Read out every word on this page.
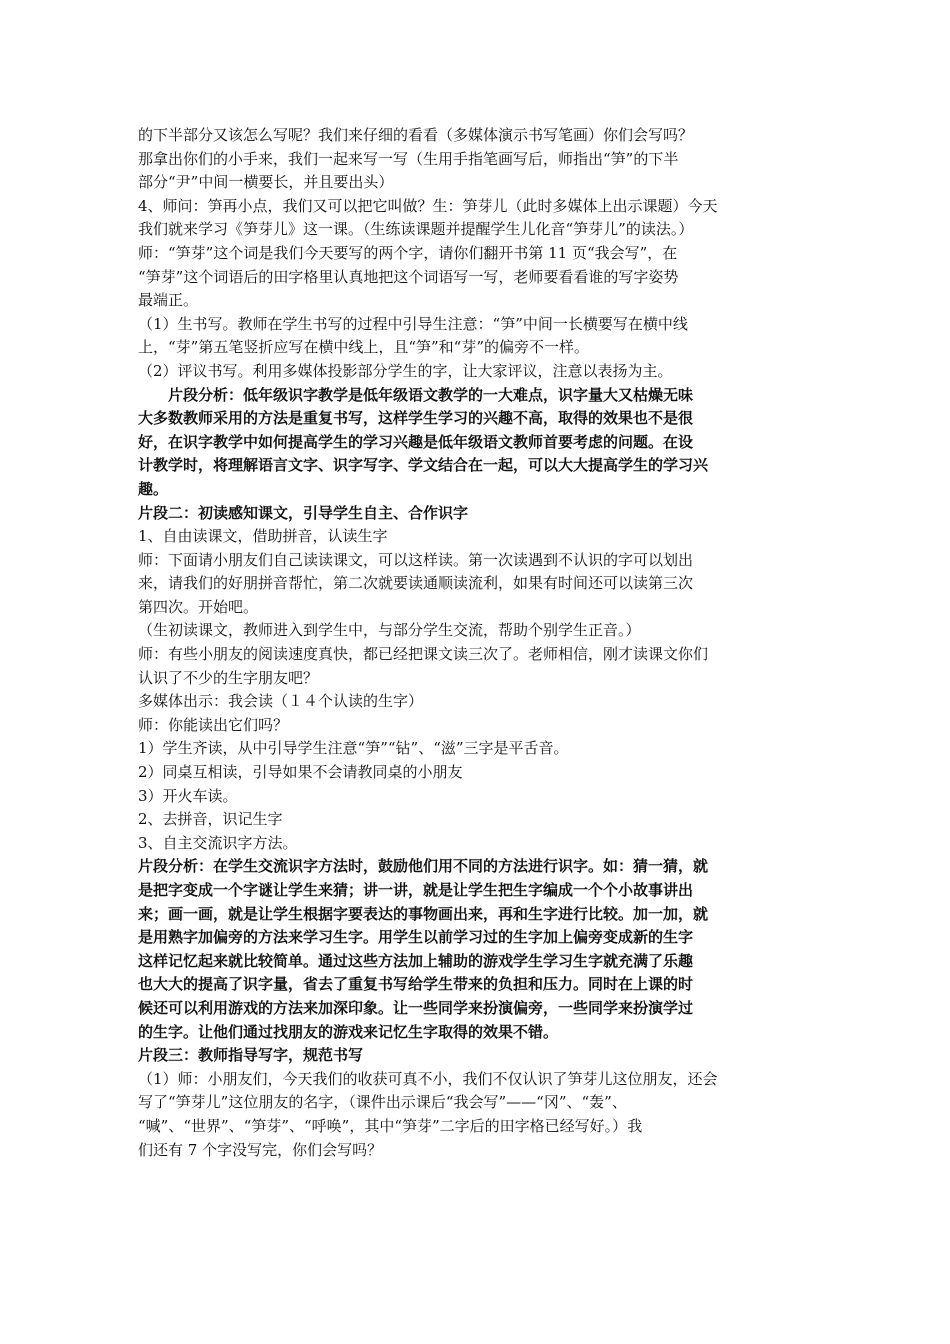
的下半部分又该怎么写呢？我们来仔细的看看（多媒体演示书写笔画）你们会写吗？
那拿出你们的小手来，我们一起来写一写（生用手指笔画写后，师指出“笋”的下半
部分“尹”中间一横要长，并且要出头）
4、师问：笋再小点，我们又可以把它叫做？生：笋芽儿（此时多媒体上出示课题）今天
我们就来学习《笋芽儿》这一课。（生练读课题并提醒学生儿化音“笋芽儿”的读法。）
师：“笋芽”这个词是我们今天要写的两个字，请你们翻开书第 11 页“我会写”，在
“笋芽”这个词语后的田字格里认真地把这个词语写一写，老师要看看谁的写字姿势
最端正。
（1）生书写。教师在学生书写的过程中引导生注意：“笋”中间一长横要写在横中线
上，“芽”第五笔竖折应写在横中线上，且“笋”和“芽”的偏旁不一样。
（2）评议书写。利用多媒体投影部分学生的字，让大家评议，注意以表扬为主。
片段分析：低年级识字教学是低年级语文教学的一大难点，识字量大又枯燥无味
大多数教师采用的方法是重复书写，这样学生学习的兴趣不高，取得的效果也不是很
好，在识字教学中如何提高学生的学习兴趣是低年级语文教师首要考虑的问题。在设
计教学时，将理解语言文字、识字写字、学文结合在一起，可以大大提高学生的学习兴
趣。
片段二：初读感知课文，引导学生自主、合作识字
1、自由读课文，借助拼音，认读生字
师：下面请小朋友们自己读读课文，可以这样读。第一次读遇到不认识的字可以划出
来，请我们的好朋拼音帮忙，第二次就要读通顺读流利，如果有时间还可以读第三次
第四次。开始吧。
（生初读课文，教师进入到学生中，与部分学生交流，帮助个别学生正音。）
师：有些小朋友的阅读速度真快，都已经把课文读三次了。老师相信，刚才读课文你们
认识了不少的生字朋友吧？
多媒体出示：我会读（１４个认读的生字）
师：你能读出它们吗？
1）学生齐读，从中引导学生注意“笋”“钻”、“滋”三字是平舌音。
2）同桌互相读，引导如果不会请教同桌的小朋友
3）开火车读。
2、去拼音，识记生字
3、自主交流识字方法。
片段分析：在学生交流识字方法时，鼓励他们用不同的方法进行识字。如：猜一猜，就
是把字变成一个字谜让学生来猜；讲一讲，就是让学生把生字编成一个个小故事讲出
来；画一画，就是让学生根据字要表达的事物画出来，再和生字进行比较。加一加，就
是用熟字加偏旁的方法来学习生字。用学生以前学习过的生字加上偏旁变成新的生字
这样记忆起来就比较简单。通过这些方法加上辅助的游戏学生学习生字就充满了乐趣
也大大的提高了识字量，省去了重复书写给学生带来的负担和压力。同时在上课的时
候还可以利用游戏的方法来加深印象。让一些同学来扮演偏旁，一些同学来扮演学过
的生字。让他们通过找朋友的游戏来记忆生字取得的效果不错。
片段三：教师指导写字，规范书写
（1）师：小朋友们，今天我们的收获可真不小，我们不仅认识了笋芽儿这位朋友，还会
写了“笋芽儿”这位朋友的名字，（课件出示课后“我会写”——“冈”、“轰”、
“喊”、“世界”、“笋芽”、“呼唤”，其中“笋芽”二字后的田字格已经写好。）我
们还有 7 个字没写完，你们会写吗？
